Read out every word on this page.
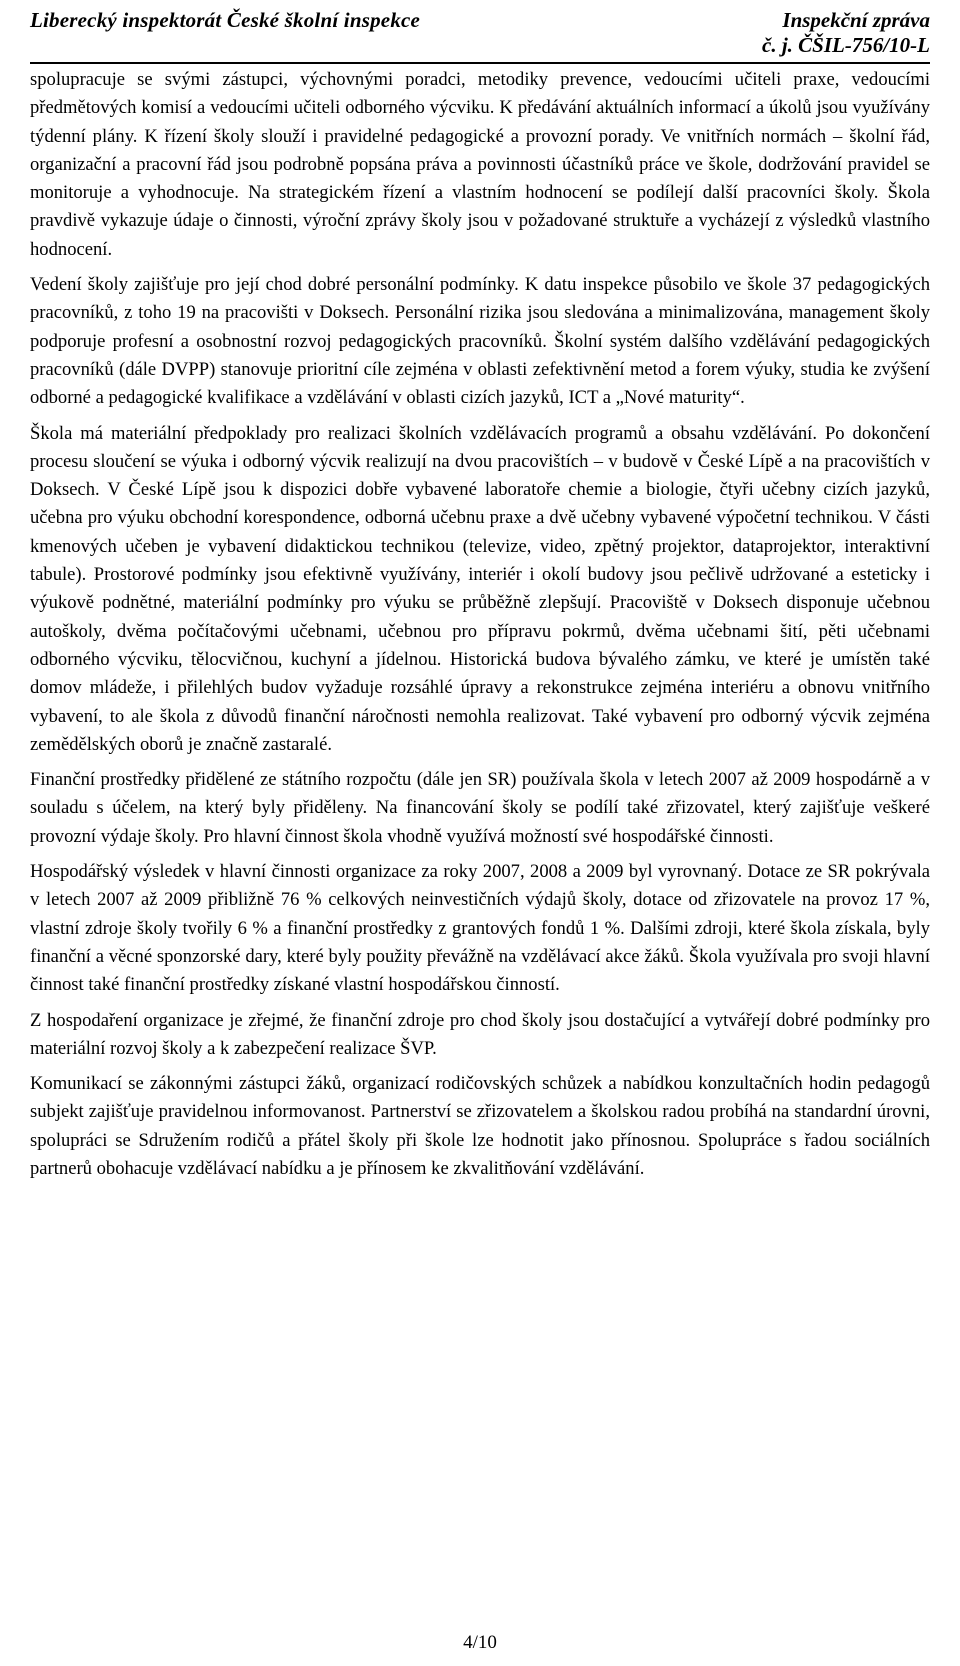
Liberecký inspektorát České školní inspekce	Inspekční zpráva
č. j. ČŠIL-756/10-L

spolupracuje se svými zástupci, výchovnými poradci, metodiky prevence, vedoucími učiteli praxe, vedoucími předmětových komisí a vedoucími učiteli odborného výcviku. K předávání aktuálních informací a úkolů jsou využívány týdenní plány. K řízení školy slouží i pravidelné pedagogické a provozní porady. Ve vnitřních normách – školní řád, organizační a pracovní řád jsou podrobně popsána práva a povinnosti účastníků práce ve škole, dodržování pravidel se monitoruje a vyhodnocuje. Na strategickém řízení a vlastním hodnocení se podílejí další pracovníci školy. Škola pravdivě vykazuje údaje o činnosti, výroční zprávy školy jsou v požadované struktuře a vycházejí z výsledků vlastního hodnocení.

Vedení školy zajišťuje pro její chod dobré personální podmínky. K datu inspekce působilo ve škole 37 pedagogických pracovníků, z toho 19 na pracovišti v Doksech. Personální rizika jsou sledována a minimalizována, management školy podporuje profesní a osobnostní rozvoj pedagogických pracovníků. Školní systém dalšího vzdělávání pedagogických pracovníků (dále DVPP) stanovuje prioritní cíle zejména v oblasti zefektivnění metod a forem výuky, studia ke zvýšení odborné a pedagogické kvalifikace a vzdělávání v oblasti cizích jazyků, ICT a „Nové maturity“.

Škola má materiální předpoklady pro realizaci školních vzdělávacích programů a obsahu vzdělávání. Po dokončení procesu sloučení se výuka i odborný výcvik realizují na dvou pracovištích – v budově v České Lípě a na pracovištích v Doksech. V České Lípě jsou k dispozici dobře vybavené laboratoře chemie a biologie, čtyři učebny cizích jazyků, učebna pro výuku obchodní korespondence, odborná učebnu praxe a dvě učebny vybavené výpočetní technikou. V části kmenových učeben je vybavení didaktickou technikou (televize, video, zpětný projektor, dataprojektor, interaktivní tabule). Prostorové podmínky jsou efektivně využívány, interiér i okolí budovy jsou pečlivě udržované a esteticky i výukově podnětné, materiální podmínky pro výuku se průběžně zlepšují. Pracoviště v Doksech disponuje učebnou autoškoly, dvěma počítačovými učebnami, učebnou pro přípravu pokrmů, dvěma učebnami šití, pěti učebnami odborného výcviku, tělocvičnou, kuchyní a jídelnou. Historická budova bývalého zámku, ve které je umístěn také domov mládeže, i přilehlých budov vyžaduje rozsáhlé úpravy a rekonstrukce zejména interiéru a obnovu vnitřního vybavení, to ale škola z důvodů finanční náročnosti nemohla realizovat. Také vybavení pro odborný výcvik zejména zemědělských oborů je značně zastaralé.

Finanční prostředky přidělené ze státního rozpočtu (dále jen SR) používala škola v letech 2007 až 2009 hospodárně a v souladu s účelem, na který byly přiděleny. Na financování školy se podílí také zřizovatel, který zajišťuje veškeré provozní výdaje školy. Pro hlavní činnost škola vhodně využívá možností své hospodářské činnosti.

Hospodářský výsledek v hlavní činnosti organizace za roky 2007, 2008 a 2009 byl vyrovnaný. Dotace ze SR pokrývala v letech 2007 až 2009 přibližně 76 % celkových neinvestičních výdajů školy, dotace od zřizovatele na provoz 17 %, vlastní zdroje školy tvořily 6 % a finanční prostředky z grantových fondů 1 %. Dalšími zdroji, které škola získala, byly finanční a věcné sponzorské dary, které byly použity převážně na vzdělávací akce žáků. Škola využívala pro svoji hlavní činnost také finanční prostředky získané vlastní hospodářskou činností.

Z hospodaření organizace je zřejmé, že finanční zdroje pro chod školy jsou dostačující a vytvářejí dobré podmínky pro materiální rozvoj školy a k zabezpečení realizace ŠVP.

Komunikací se zákonnými zástupci žáků, organizací rodičovských schůzek a nabídkou konzultačních hodin pedagogů subjekt zajišťuje pravidelnou informovanost. Partnerství se zřizovatelem a školskou radou probíhá na standardní úrovni, spolupráci se Sdružením rodičů a přátel školy při škole lze hodnotit jako přínosnou. Spolupráce s řadou sociálních partnerů obohacuje vzdělávací nabídku a je přínosem ke zkvalitňování vzdělávání.

4/10
